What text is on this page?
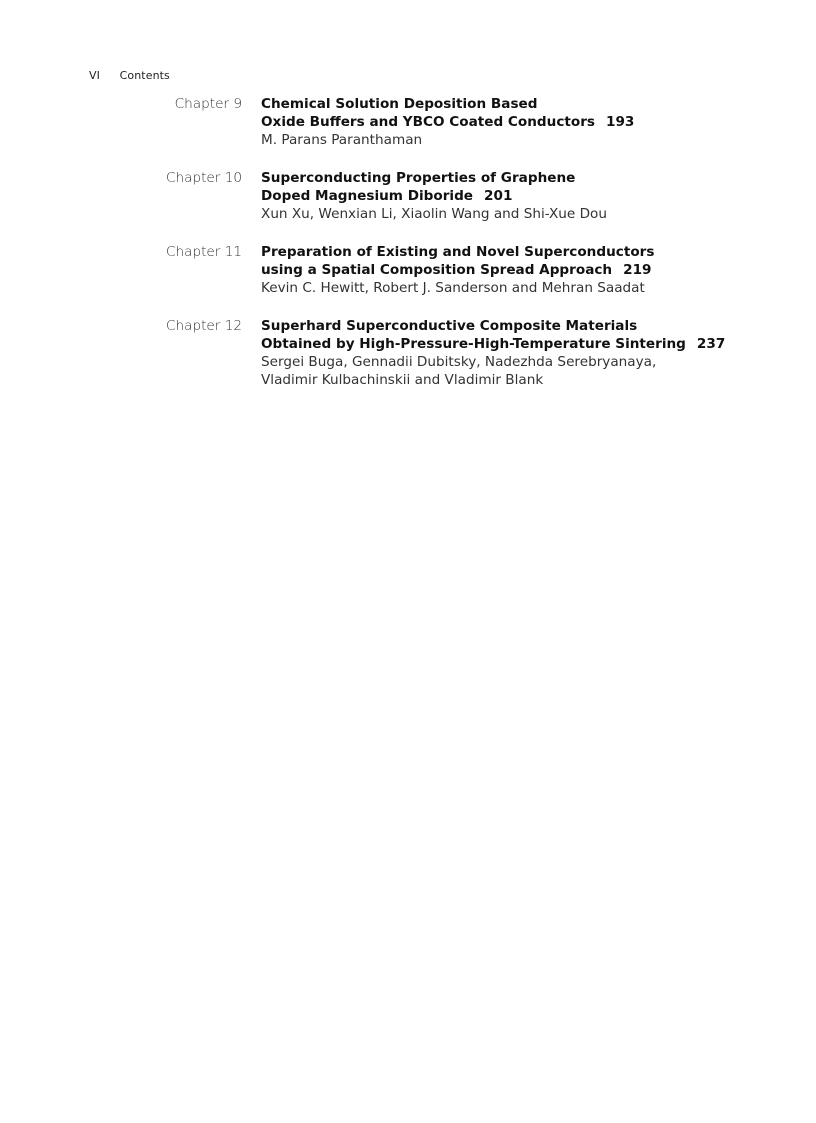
VI Contents
Chapter 9 Chemical Solution Deposition Based
Oxide Buffers and YBCO Coated Conductors 193
M. Parans Paranthaman
Chapter 10 Superconducting Properties of Graphene
Doped Magnesium Diboride 201
Xun Xu, Wenxian Li, Xiaolin Wang and Shi-Xue Dou
Chapter 11 Preparation of Existing and Novel Superconductors
using a Spatial Composition Spread Approach 219
Kevin C. Hewitt, Robert J. Sanderson and Mehran Saadat
Chapter 12 Superhard Superconductive Composite Materials
Obtained by High-Pressure-High-Temperature Sintering 237
Sergei Buga, Gennadii Dubitsky, Nadezhda Serebryanaya,
Vladimir Kulbachinskii and Vladimir Blank
